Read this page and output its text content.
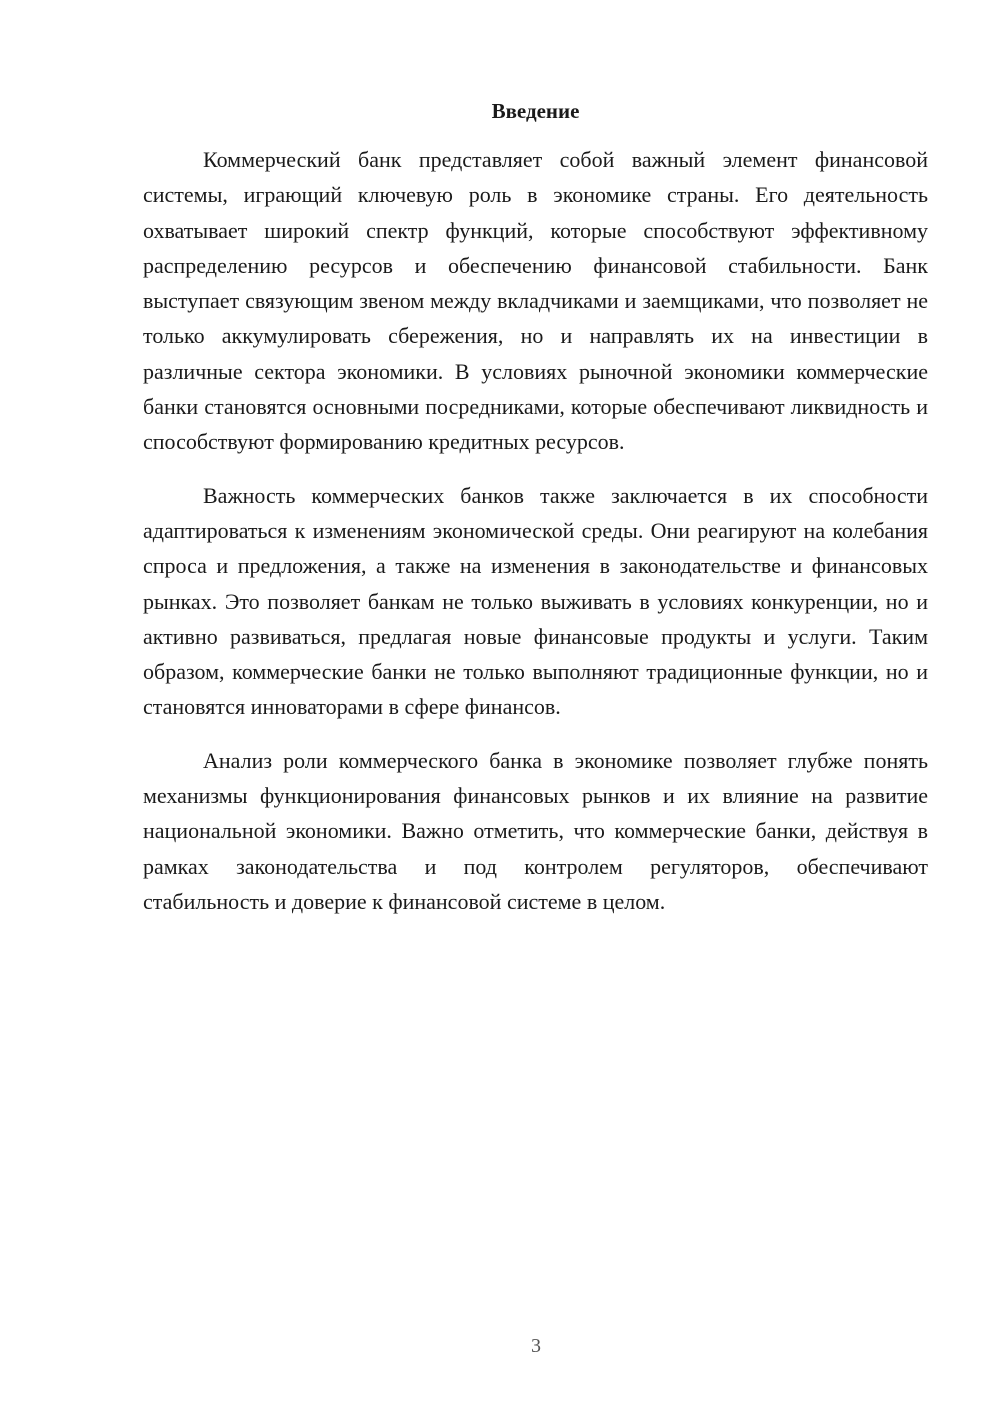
Введение

Коммерческий банк представляет собой важный элемент финансовой системы, играющий ключевую роль в экономике страны. Его деятельность охватывает широкий спектр функций, которые способствуют эффективному распределению ресурсов и обеспечению финансовой стабильности. Банк выступает связующим звеном между вкладчиками и заемщиками, что позволяет не только аккумулировать сбережения, но и направлять их на инвестиции в различные сектора экономики. В условиях рыночной экономики коммерческие банки становятся основными посредниками, которые обеспечивают ликвидность и способствуют формированию кредитных ресурсов.

Важность коммерческих банков также заключается в их способности адаптироваться к изменениям экономической среды. Они реагируют на колебания спроса и предложения, а также на изменения в законодательстве и финансовых рынках. Это позволяет банкам не только выживать в условиях конкуренции, но и активно развиваться, предлагая новые финансовые продукты и услуги. Таким образом, коммерческие банки не только выполняют традиционные функции, но и становятся инноваторами в сфере финансов.

Анализ роли коммерческого банка в экономике позволяет глубже понять механизмы функционирования финансовых рынков и их влияние на развитие национальной экономики. Важно отметить, что коммерческие банки, действуя в рамках законодательства и под контролем регуляторов, обеспечивают стабильность и доверие к финансовой системе в целом.

3
